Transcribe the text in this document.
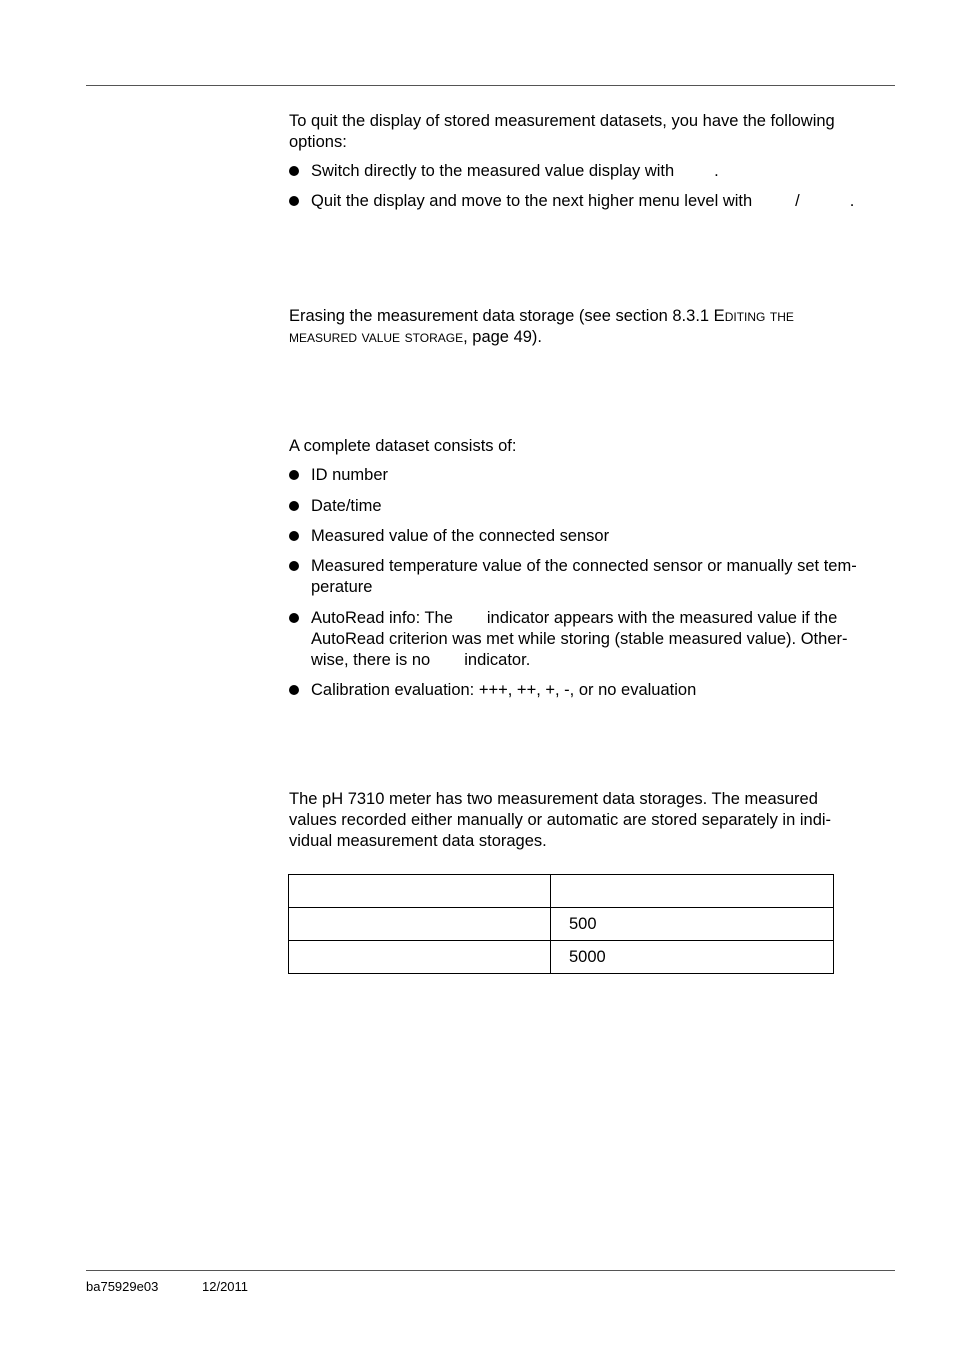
To quit the display of stored measurement datasets, you have the following options:

Switch directly to the measured value display with .
Quit the display and move to the next higher menu level with	/	.

Erasing the measurement data storage (see section 8.3.1 Editing the measured value storage, page 49).

A complete dataset consists of:

ID number
Date/time
Measured value of the connected sensor
Measured temperature value of the connected sensor or manually set tem-
perature
AutoRead info: The indicator appears with the measured value if the
AutoRead criterion was met while storing (stable measured value). Other-
wise, there is no indicator.
Calibration evaluation: +++, ++, +, -, or no evaluation

The pH 7310 meter has two measurement data storages. The measured
values recorded either manually or automatic are stored separately in indi-
vidual measurement data storages.

	500
	5000
ba75929e03	12/2011
